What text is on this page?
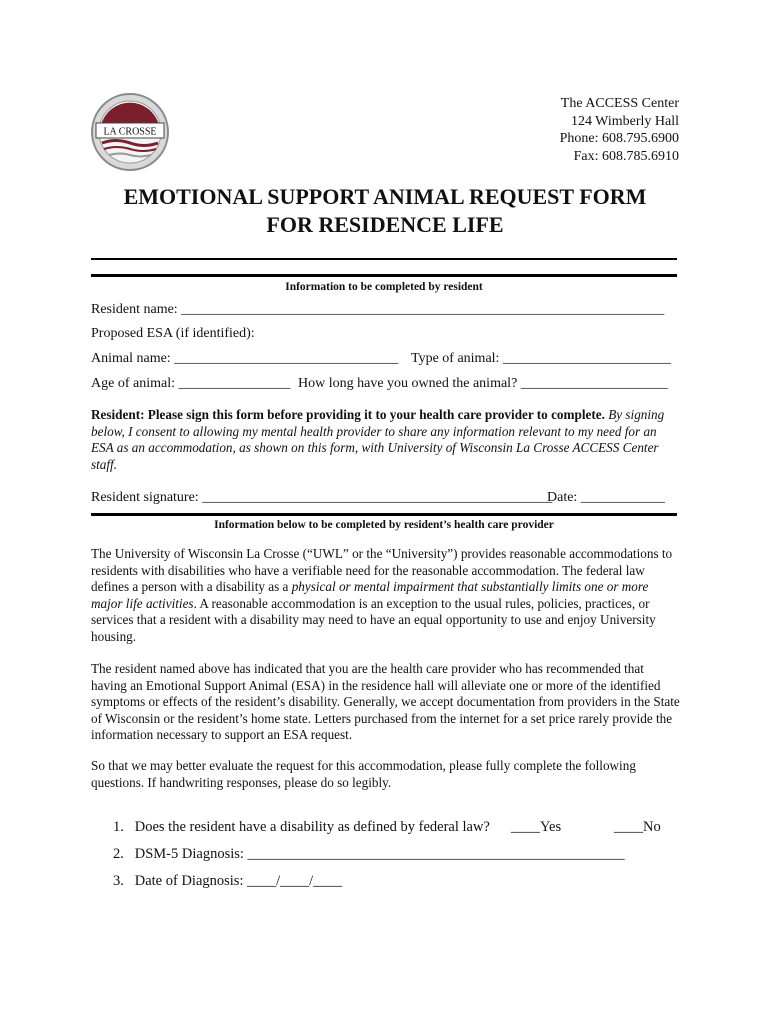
LA CROSSE
The ACCESS Center
124 Wimberly Hall
Phone: 608.795.6900
Fax: 608.785.6910
EMOTIONAL SUPPORT ANIMAL REQUEST FORM
FOR RESIDENCE LIFE
Information to be completed by resident
Resident name: _____________________________________________________________________
Proposed ESA (if identified):
Animal name: ________________________________ Type of animal: ________________________
Age of animal: ________________ How long have you owned the animal? _____________________

Resident: Please sign this form before providing it to your health care provider to complete. By signing below, I consent to allowing my mental health provider to share any information relevant to my need for an ESA as an accommodation, as shown on this form, with University of Wisconsin La Crosse ACCESS Center staff.

Resident signature: __________________________________________________
Date: ____________
Information below to be completed by resident’s health care provider

The University of Wisconsin La Crosse (“UWL” or the “University”) provides reasonable accommodations to residents with disabilities who have a verifiable need for the reasonable accommodation. The federal law defines a person with a disability as a physical or mental impairment that substantially limits one or more major life activities. A reasonable accommodation is an exception to the usual rules, policies, practices, or services that a resident with a disability may need to have an equal opportunity to use and enjoy University housing.

The resident named above has indicated that you are the health care provider who has recommended that having an Emotional Support Animal (ESA) in the residence hall will alleviate one or more of the identified symptoms or effects of the resident’s disability. Generally, we accept documentation from providers in the State of Wisconsin or the resident’s home state. Letters purchased from the internet for a set price rarely provide the information necessary to support an ESA request.

So that we may better evaluate the request for this accommodation, please fully complete the following questions. If handwriting responses, please do so legibly.

1. Does the resident have a disability as defined by federal law? ____Yes	____No
2. DSM-5 Diagnosis: ____________________________________________________
3. Date of Diagnosis: ____/____/____
